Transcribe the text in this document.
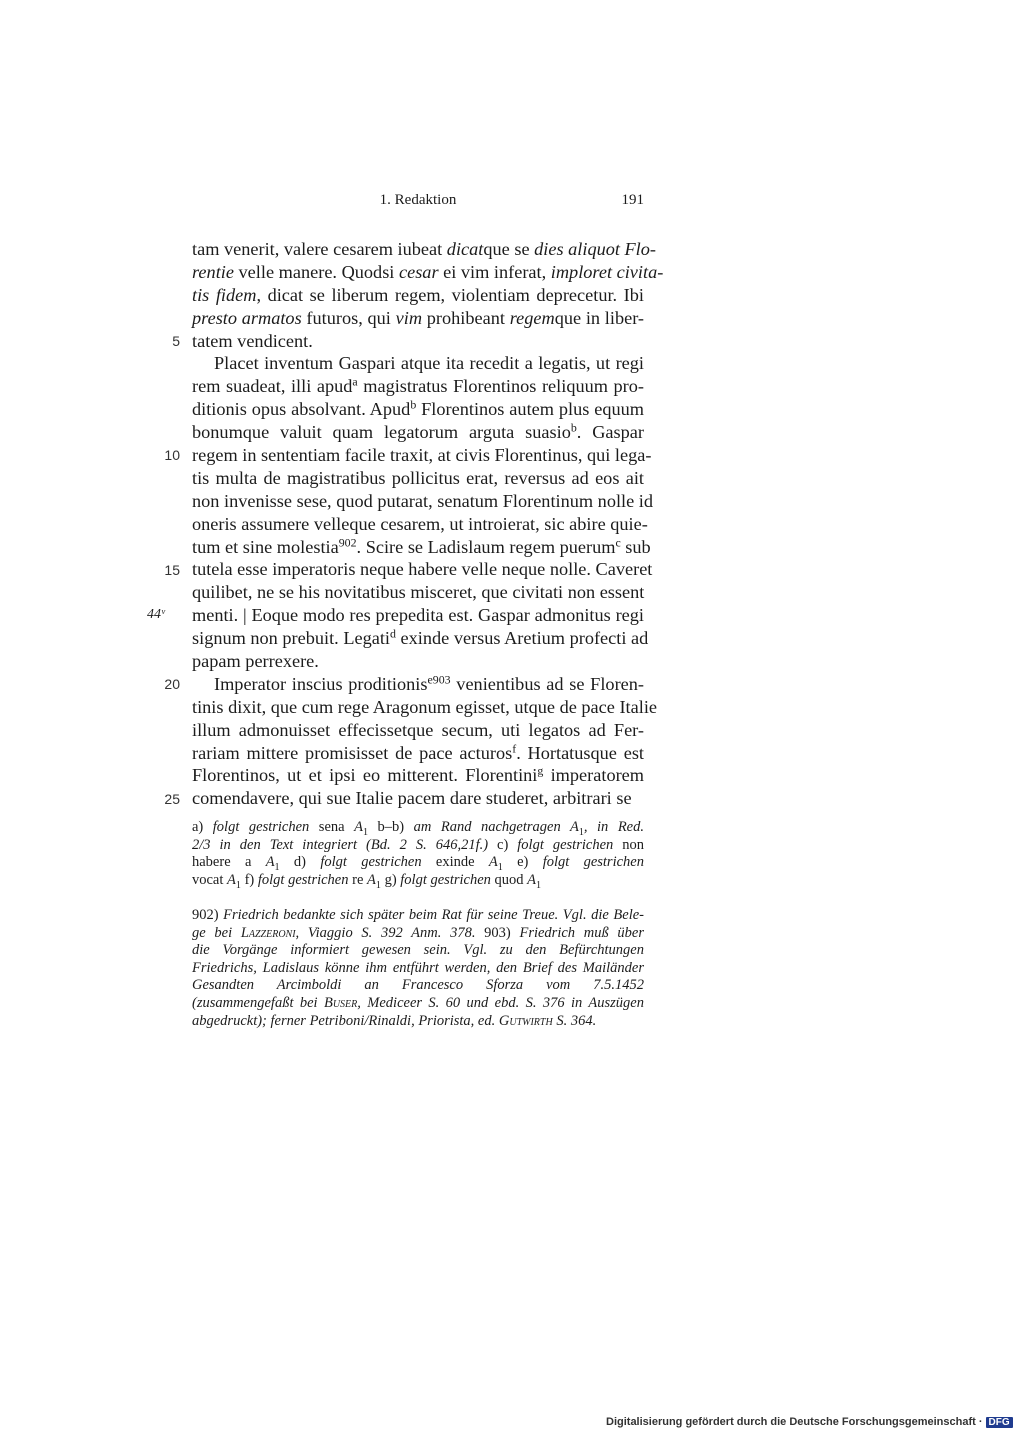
1. Redaktion	191
5
10
15
20
25
44ᵛ
tam venerit, valere cesarem iubeat dicatque se dies aliquot Flo-
rentie velle manere. Quodsi cesar ei vim inferat, imploret civita-
tis fidem, dicat se liberum regem, violentiam deprecetur. Ibi
presto armatos futuros, qui vim prohibeant regemque in liber-
tatem vendicent.
Placet inventum Gaspari atque ita recedit a legatis, ut regi
rem suadeat, illi apud$^a$ magistratus Florentinos reliquum pro-
ditionis opus absolvant. Apud$^b$ Florentinos autem plus equum
bonumque valuit quam legatorum arguta suasio$^b$. Gaspar
regem in sententiam facile traxit, at civis Florentinus, qui lega-
tis multa de magistratibus pollicitus erat, reversus ad eos ait
non invenisse sese, quod putarat, senatum Florentinum nolle id
oneris assumere velleque cesarem, ut introierat, sic abire quie-
tum et sine molestia$^{902}$. Scire se Ladislaum regem puerum$^c$ sub
tutela esse imperatoris neque habere velle neque nolle. Caveret
quilibet, ne se his novitatibus misceret, que civitati non essent
menti. | Eoque modo res prepedita est. Gaspar admonitus regi
signum non prebuit. Legati$^d$ exinde versus Aretium profecti ad
papam perrexere.
Imperator inscius proditionis$^{e903}$ venientibus ad se Floren-
tinis dixit, que cum rege Aragonum egisset, utque de pace Italie
illum admonuisset effecissetque secum, uti legatos ad Fer-
rariam mittere promisisset de pace acturos$^f$. Hortatusque est
Florentinos, ut et ipsi eo mitterent. Florentini$^g$ imperatorem
comendavere, qui sue Italie pacem dare studeret, arbitrari se
a) folgt gestrichen sena $A_1$ b–b) am Rand nachgetragen $A_1$, in Red.
2/3 in den Text integriert (Bd. 2 S. 646,21f.) c) folgt gestrichen non
habere a $A_1$ d) folgt gestrichen exinde $A_1$ e) folgt gestrichen
vocat $A_1$ f) folgt gestrichen re $A_1$ g) folgt gestrichen quod $A_1$
902) Friedrich bedankte sich später beim Rat für seine Treue. Vgl. die Bele-
ge bei Lazzeroni, Viaggio S. 392 Anm. 378. 903) Friedrich muß über
die Vorgänge informiert gewesen sein. Vgl. zu den Befürchtungen
Friedrichs, Ladislaus könne ihm entführt werden, den Brief des Mailänder
Gesandten Arcimboldi an Francesco Sforza vom 7.5.1452
(zusammengefaßt bei Buser, Mediceer S. 60 und ebd. S. 376 in Auszügen
abgedruckt); ferner Petriboni/Rinaldi, Priorista, ed. Gutwirth S. 364.
Digitalisierung gefördert durch die Deutsche Forschungsgemeinschaft · DFG
